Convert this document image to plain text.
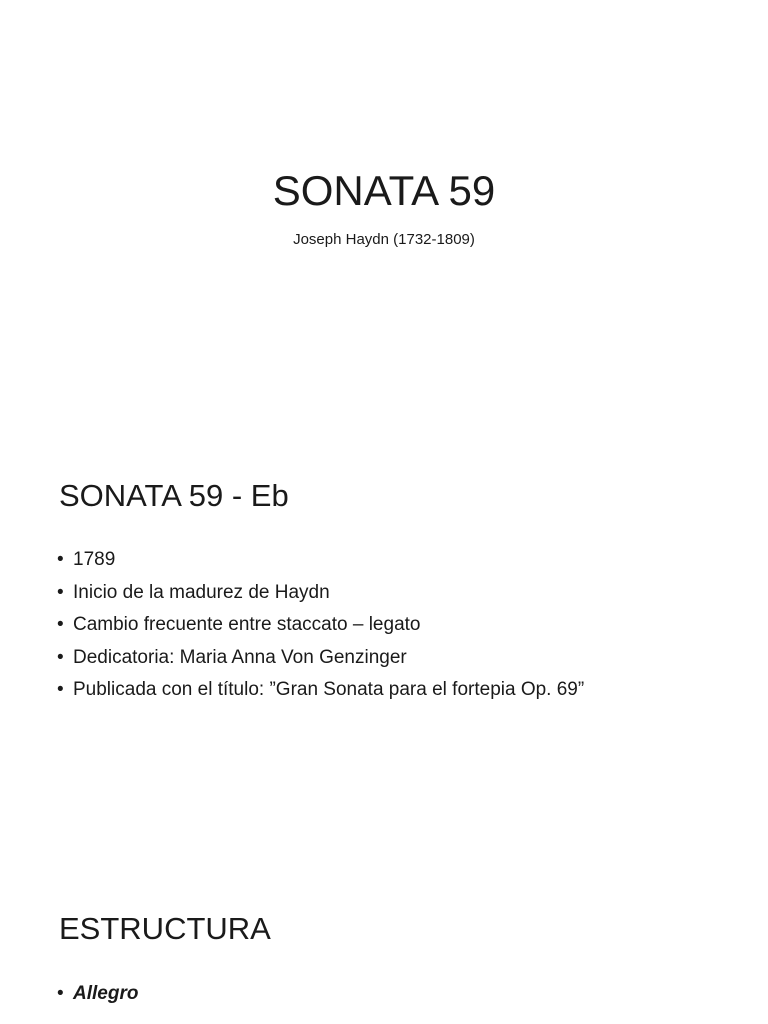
SONATA 59

Joseph Haydn (1732-1809)

SONATA 59 - Eb
• 1789
• Inicio de la madurez de Haydn
• Cambio frecuente entre staccato – legato
• Dedicatoria: Maria Anna Von Genzinger
• Publicada con el título: ”Gran Sonata para el fortepia Op. 69”
ESTRUCTURA
• Allegro
